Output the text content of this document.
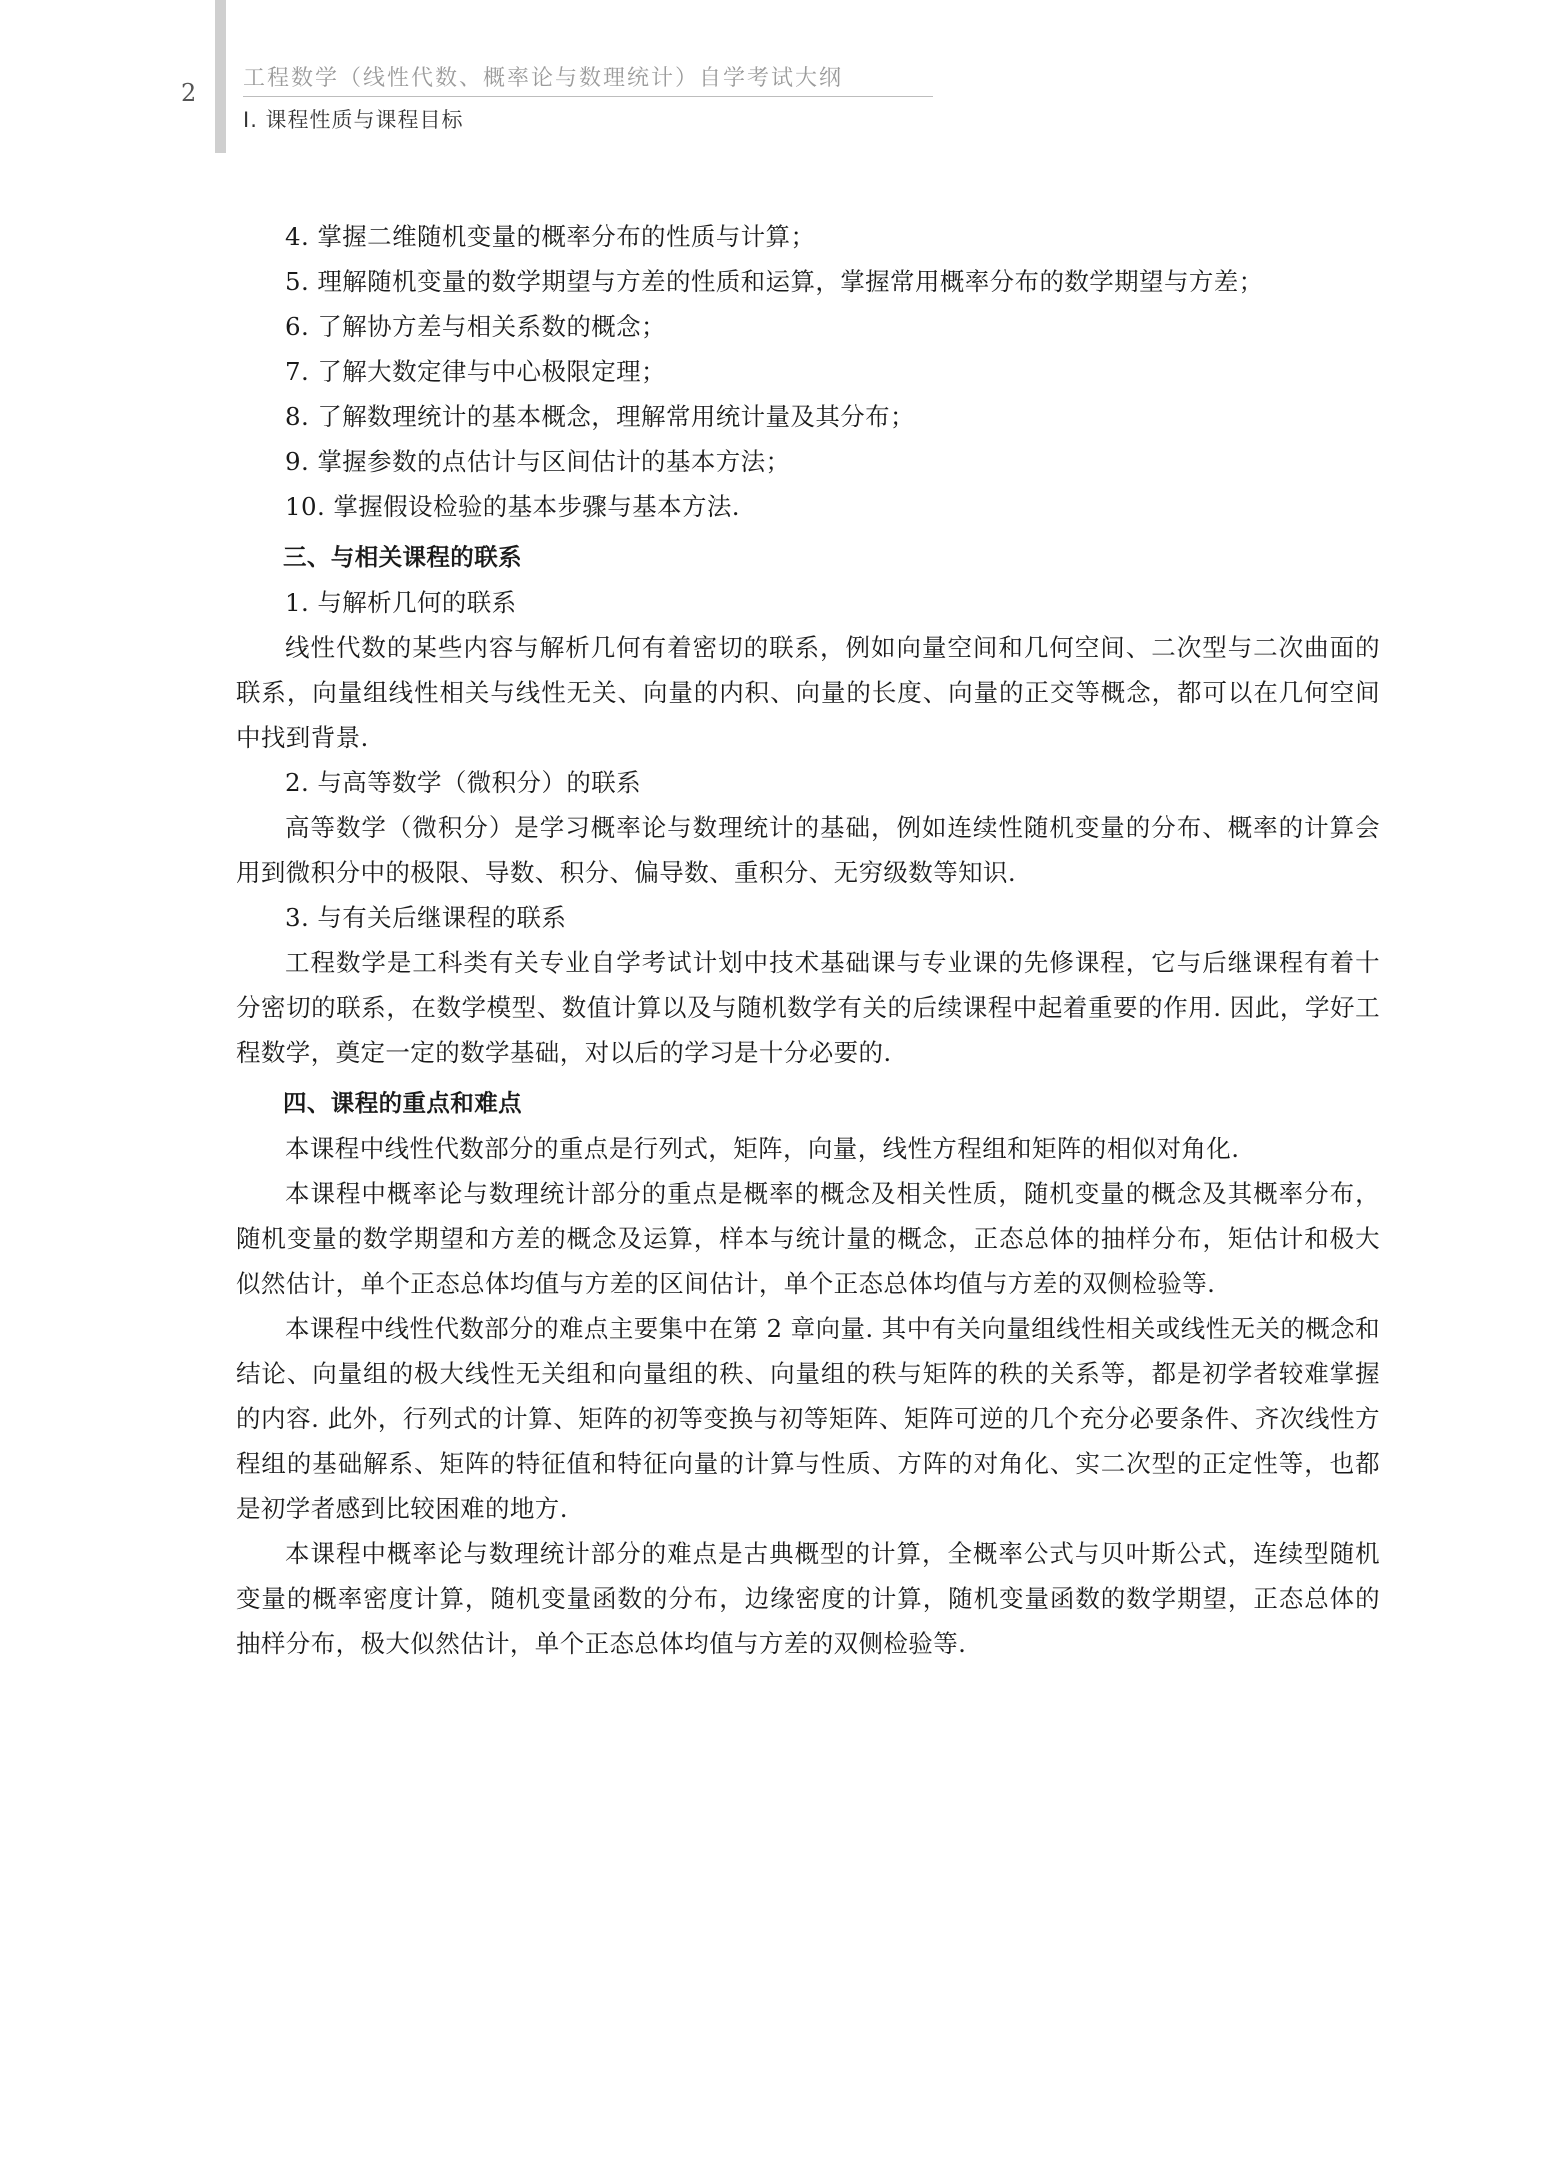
2
工程数学（线性代数、概率论与数理统计）自学考试大纲
Ⅰ. 课程性质与课程目标

4. 掌握二维随机变量的概率分布的性质与计算；

5. 理解随机变量的数学期望与方差的性质和运算，掌握常用概率分布的数学期望与方差；

6. 了解协方差与相关系数的概念；

7. 了解大数定律与中心极限定理；

8. 了解数理统计的基本概念，理解常用统计量及其分布；

9. 掌握参数的点估计与区间估计的基本方法；

10. 掌握假设检验的基本步骤与基本方法.

三、与相关课程的联系

1. 与解析几何的联系

线性代数的某些内容与解析几何有着密切的联系，例如向量空间和几何空间、二次型与二次曲面的联系，向量组线性相关与线性无关、向量的内积、向量的长度、向量的正交等概念，都可以在几何空间中找到背景.

2. 与高等数学（微积分）的联系

高等数学（微积分）是学习概率论与数理统计的基础，例如连续性随机变量的分布、概率的计算会用到微积分中的极限、导数、积分、偏导数、重积分、无穷级数等知识.

3. 与有关后继课程的联系

工程数学是工科类有关专业自学考试计划中技术基础课与专业课的先修课程，它与后继课程有着十分密切的联系，在数学模型、数值计算以及与随机数学有关的后续课程中起着重要的作用. 因此，学好工程数学，奠定一定的数学基础，对以后的学习是十分必要的.

四、课程的重点和难点

本课程中线性代数部分的重点是行列式，矩阵，向量，线性方程组和矩阵的相似对角化.

本课程中概率论与数理统计部分的重点是概率的概念及相关性质，随机变量的概念及其概率分布，随机变量的数学期望和方差的概念及运算，样本与统计量的概念，正态总体的抽样分布，矩估计和极大似然估计，单个正态总体均值与方差的区间估计，单个正态总体均值与方差的双侧检验等.

本课程中线性代数部分的难点主要集中在第 2 章向量. 其中有关向量组线性相关或线性无关的概念和结论、向量组的极大线性无关组和向量组的秩、向量组的秩与矩阵的秩的关系等，都是初学者较难掌握的内容. 此外，行列式的计算、矩阵的初等变换与初等矩阵、矩阵可逆的几个充分必要条件、齐次线性方程组的基础解系、矩阵的特征值和特征向量的计算与性质、方阵的对角化、实二次型的正定性等，也都是初学者感到比较困难的地方.

本课程中概率论与数理统计部分的难点是古典概型的计算，全概率公式与贝叶斯公式，连续型随机变量的概率密度计算，随机变量函数的分布，边缘密度的计算，随机变量函数的数学期望，正态总体的抽样分布，极大似然估计，单个正态总体均值与方差的双侧检验等.
